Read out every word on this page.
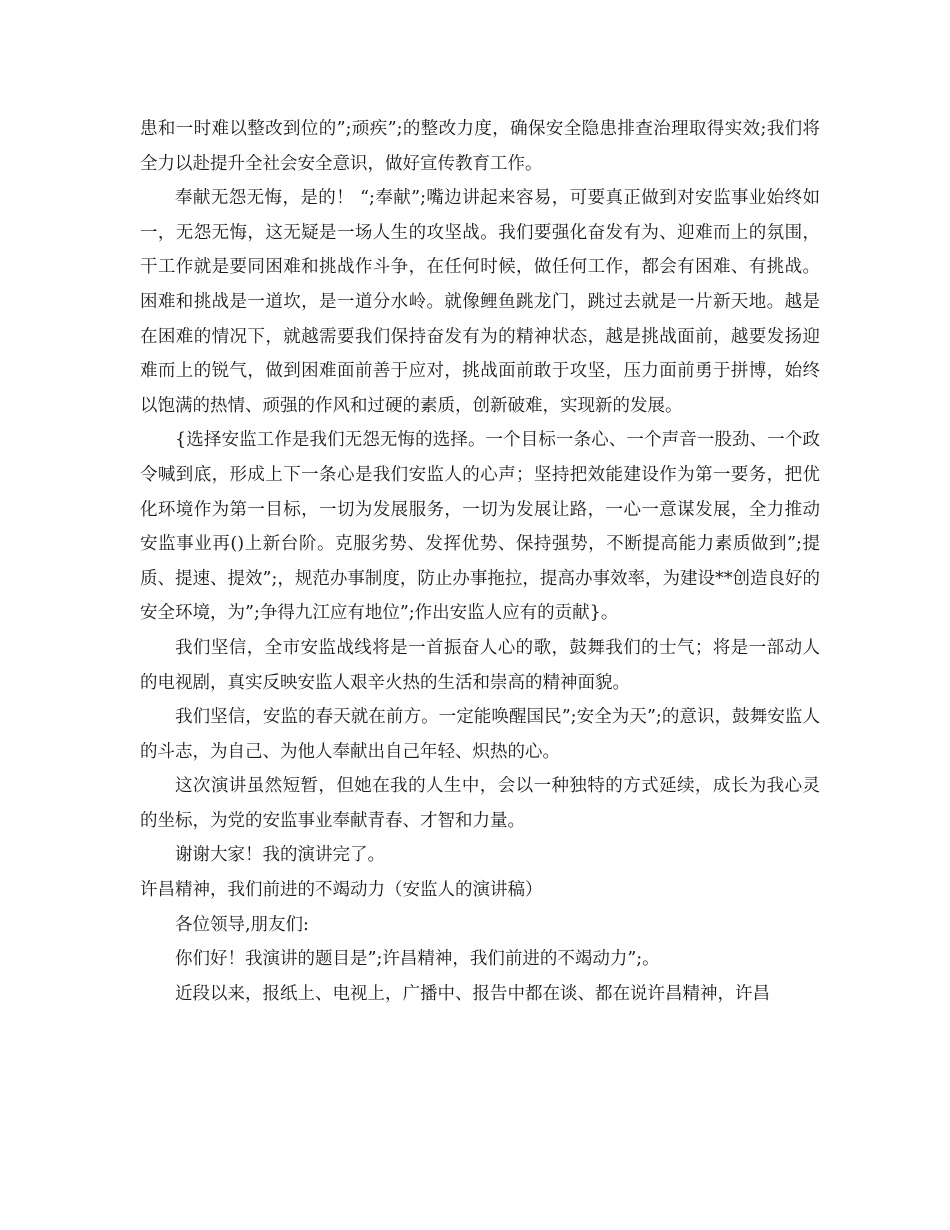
患和一时难以整改到位的”;顽疾”;的整改力度，确保安全隐患排查治理取得实效;我们将全力以赴提升全社会安全意识，做好宣传教育工作。

奉献无怨无悔，是的！ “;奉献”;嘴边讲起来容易，可要真正做到对安监事业始终如一，无怨无悔，这无疑是一场人生的攻坚战。我们要强化奋发有为、迎难而上的氛围，干工作就是要同困难和挑战作斗争，在任何时候，做任何工作，都会有困难、有挑战。困难和挑战是一道坎，是一道分水岭。就像鲤鱼跳龙门，跳过去就是一片新天地。越是在困难的情况下，就越需要我们保持奋发有为的精神状态，越是挑战面前，越要发扬迎难而上的锐气，做到困难面前善于应对，挑战面前敢于攻坚，压力面前勇于拼博，始终以饱满的热情、顽强的作风和过硬的素质，创新破难，实现新的发展。

{选择安监工作是我们无怨无悔的选择。一个目标一条心、一个声音一股劲、一个政令喊到底，形成上下一条心是我们安监人的心声；坚持把效能建设作为第一要务，把优化环境作为第一目标，一切为发展服务，一切为发展让路，一心一意谋发展，全力推动安监事业再()上新台阶。克服劣势、发挥优势、保持强势，不断提高能力素质做到”;提质、提速、提效”;，规范办事制度，防止办事拖拉，提高办事效率，为建设**创造良好的安全环境，为”;争得九江应有地位”;作出安监人应有的贡献}。

我们坚信，全市安监战线将是一首振奋人心的歌，鼓舞我们的士气；将是一部动人的电视剧，真实反映安监人艰辛火热的生活和崇高的精神面貌。

我们坚信，安监的春天就在前方。一定能唤醒国民”;安全为天”;的意识，鼓舞安监人的斗志，为自己、为他人奉献出自己年轻、炽热的心。

这次演讲虽然短暂，但她在我的人生中，会以一种独特的方式延续，成长为我心灵的坐标，为党的安监事业奉献青春、才智和力量。

谢谢大家！我的演讲完了。

许昌精神，我们前进的不竭动力（安监人的演讲稿）

各位领导,朋友们:

你们好！我演讲的题目是”;许昌精神，我们前进的不竭动力”;。

近段以来，报纸上、电视上，广播中、报告中都在谈、都在说许昌精神，许昌
